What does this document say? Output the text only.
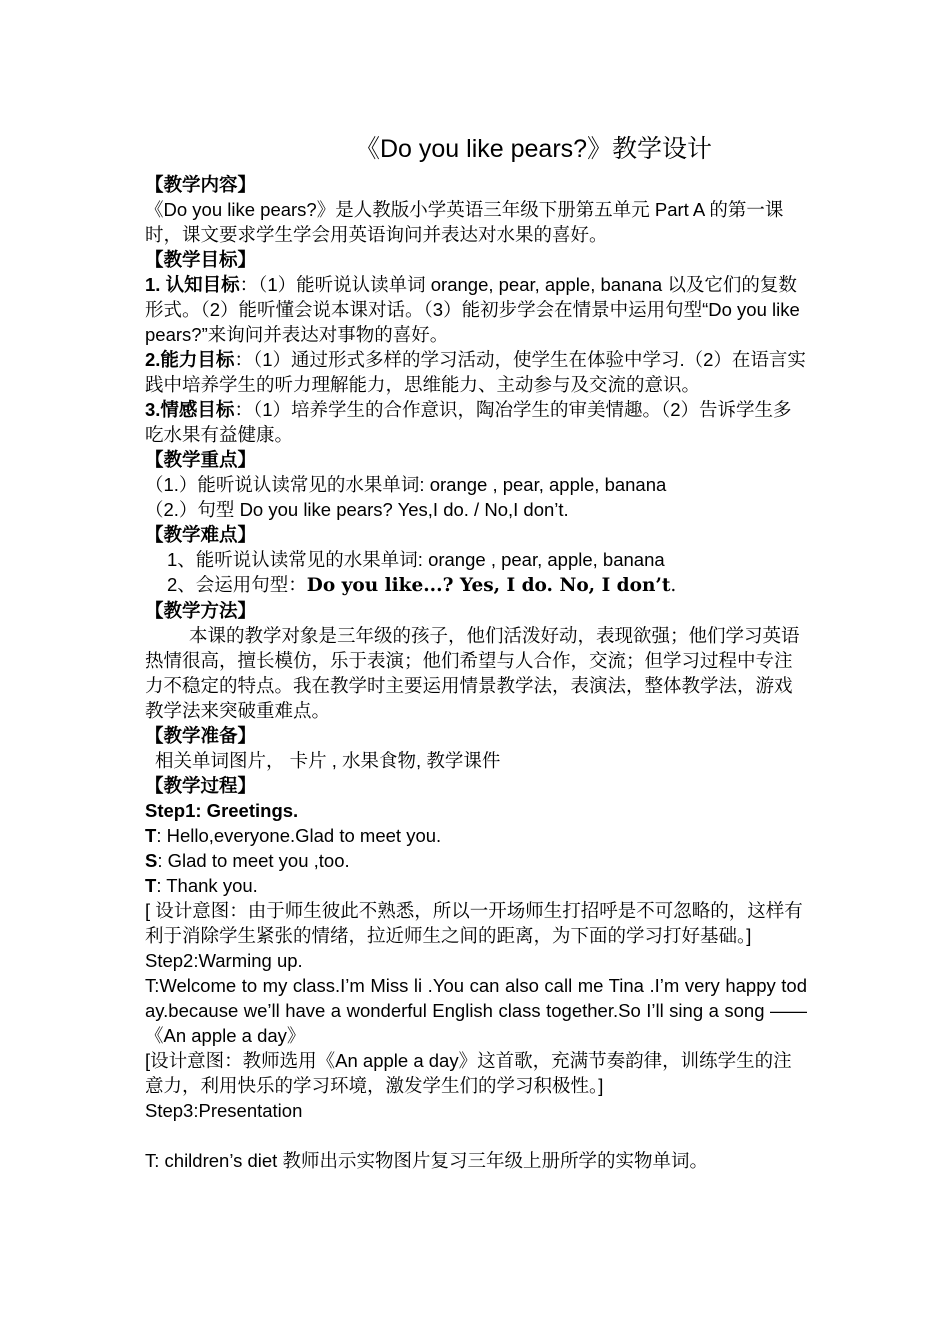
《Do you like pears?》教学设计

【教学内容】

《Do you like pears?》是人教版小学英语三年级下册第五单元 Part A 的第一课时，课文要求学生学会用英语询问并表达对水果的喜好。

【教学目标】

1. 认知目标：（1）能听说认读单词 orange, pear, apple, banana 以及它们的复数形式。（2）能听懂会说本课对话。（3）能初步学会在情景中运用句型“Do you like pears?”来询问并表达对事物的喜好。

2.能力目标：（1）通过形式多样的学习活动，使学生在体验中学习.（2）在语言实践中培养学生的听力理解能力，思维能力、主动参与及交流的意识。

3.情感目标：（1）培养学生的合作意识，陶冶学生的审美情趣。（2）告诉学生多吃水果有益健康。

【教学重点】

（1.）能听说认读常见的水果单词: orange , pear, apple, banana

（2.）句型 Do you like pears? Yes,I do. / No,I don’t.

【教学难点】

1、能听说认读常见的水果单词: orange , pear, apple, banana

2、会运用句型：Do you like...? Yes, I do. No, I don’t.

【教学方法】

本课的教学对象是三年级的孩子，他们活泼好动，表现欲强；他们学习英语热情很高，擅长模仿，乐于表演；他们希望与人合作，交流；但学习过程中专注力不稳定的特点。我在教学时主要运用情景教学法，表演法，整体教学法，游戏教学法来突破重难点。

【教学准备】

相关单词图片， 卡片 , 水果食物, 教学课件

【教学过程】

Step1: Greetings.

T: Hello,everyone.Glad to meet you.

S: Glad to meet you ,too.

T: Thank you.

[ 设计意图：由于师生彼此不熟悉，所以一开场师生打招呼是不可忽略的，这样有利于消除学生紧张的情绪，拉近师生之间的距离，为下面的学习打好基础。]

Step2:Warming up.

T:Welcome to my class.I’m Miss li .You can also call me Tina .I’m very happy today.because we’ll have a wonderful English class together.So I’ll sing a song ——《An apple a day》

[设计意图：教师选用《An apple a day》这首歌，充满节奏韵律，训练学生的注意力，利用快乐的学习环境，激发学生们的学习积极性。]

Step3:Presentation

T: children’s diet 教师出示实物图片复习三年级上册所学的实物单词。
